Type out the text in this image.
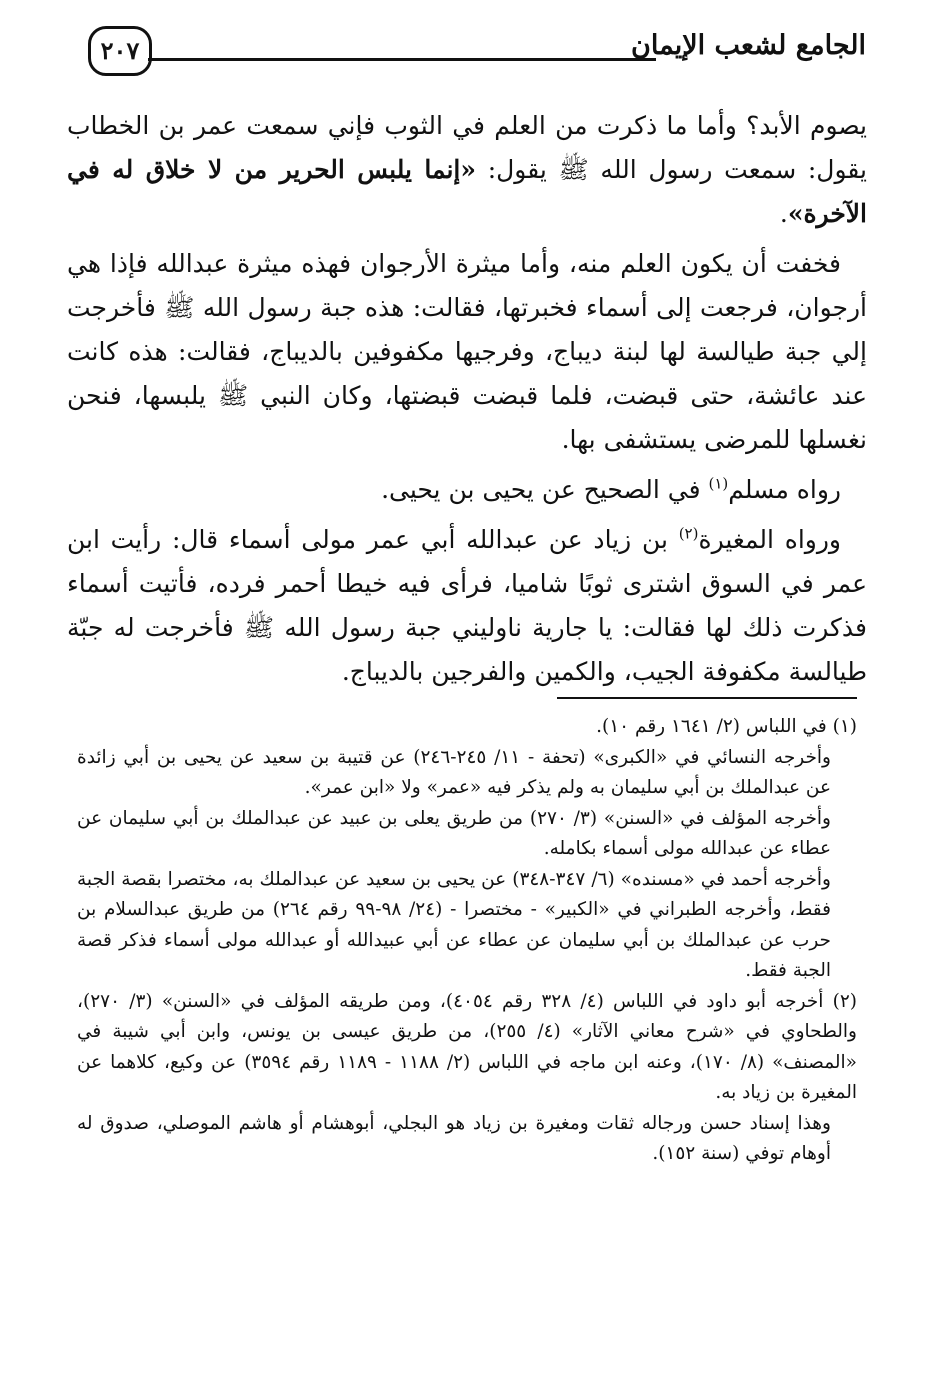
الجامع لشعب الإيمان
٢٠٧

يصوم الأبد؟ وأما ما ذكرت من العلم في الثوب فإني سمعت عمر بن الخطاب يقول: سمعت رسول الله ﷺ يقول: «إنما يلبس الحرير من لا خلاق له في الآخرة».

فخفت أن يكون العلم منه، وأما ميثرة الأرجوان فهذه ميثرة عبدالله فإذا هي أرجوان، فرجعت إلى أسماء فخبرتها، فقالت: هذه جبة رسول الله ﷺ فأخرجت إلي جبة طيالسة لها لبنة ديباج، وفرجيها مكفوفين بالديباج، فقالت: هذه كانت عند عائشة، حتى قبضت، فلما قبضت قبضتها، وكان النبي ﷺ يلبسها، فنحن نغسلها للمرضى يستشفى بها.

رواه مسلم$^{(١)}$ في الصحيح عن يحيى بن يحيى.

ورواه المغيرة$^{(٢)}$ بن زياد عن عبدالله أبي عمر مولى أسماء قال: رأيت ابن عمر في السوق اشترى ثوبًا شاميا، فرأى فيه خيطا أحمر فرده، فأتيت أسماء فذكرت ذلك لها فقالت: يا جارية ناوليني جبة رسول الله ﷺ فأخرجت له جبّة طيالسة مكفوفة الجيب، والكمين والفرجين بالديباج.

(١) في اللباس (٢/ ١٦٤١ رقم ١٠).

وأخرجه النسائي في «الكبرى» (تحفة - ١١/ ٢٤٥-٢٤٦) عن قتيبة بن سعيد عن يحيى بن أبي زائدة عن عبدالملك بن أبي سليمان به ولم يذكر فيه «عمر» ولا «ابن عمر».

وأخرجه المؤلف في «السنن» (٣/ ٢٧٠) من طريق يعلى بن عبيد عن عبدالملك بن أبي سليمان عن عطاء عن عبدالله مولى أسماء بكامله.

وأخرجه أحمد في «مسنده» (٦/ ٣٤٧-٣٤٨) عن يحيى بن سعيد عن عبدالملك به، مختصرا بقصة الجبة فقط، وأخرجه الطبراني في «الكبير» - مختصرا - (٢٤/ ٩٨-٩٩ رقم ٢٦٤) من طريق عبدالسلام بن حرب عن عبدالملك بن أبي سليمان عن عطاء عن أبي عبيدالله أو عبدالله مولى أسماء فذكر قصة الجبة فقط.

(٢) أخرجه أبو داود في اللباس (٤/ ٣٢٨ رقم ٤٠٥٤)، ومن طريقه المؤلف في «السنن» (٣/ ٢٧٠)، والطحاوي في «شرح معاني الآثار» (٤/ ٢٥٥)، من طريق عيسى بن يونس، وابن أبي شيبة في «المصنف» (٨/ ١٧٠)، وعنه ابن ماجه في اللباس (٢/ ١١٨٨ - ١١٨٩ رقم ٣٥٩٤) عن وكيع، كلاهما عن المغيرة بن زياد به.

وهذا إسناد حسن ورجاله ثقات ومغيرة بن زياد هو البجلي، أبوهشام أو هاشم الموصلي، صدوق له أوهام توفي (سنة ١٥٢).
